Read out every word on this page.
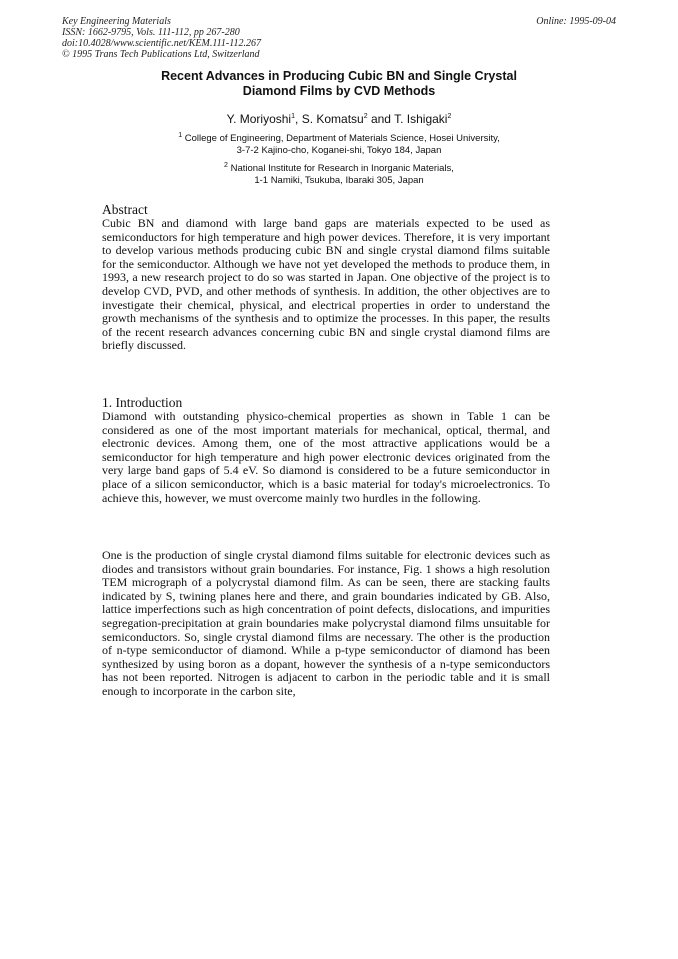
Key Engineering Materials
ISSN: 1662-9795, Vols. 111-112, pp 267-280
doi:10.4028/www.scientific.net/KEM.111-112.267
© 1995 Trans Tech Publications Ltd, Switzerland
Online: 1995-09-04
Recent Advances in Producing Cubic BN and Single Crystal
Diamond Films by CVD Methods
Y. Moriyoshi$^1$, S. Komatsu$^2$ and T. Ishigaki$^2$
$^1$ College of Engineering, Department of Materials Science, Hosei University,
3-7-2 Kajino-cho, Koganei-shi, Tokyo 184, Japan
$^2$ National Institute for Research in Inorganic Materials,
1-1 Namiki, Tsukuba, Ibaraki 305, Japan
Abstract

Cubic BN and diamond with large band gaps are materials expected to be used as semiconductors for high temperature and high power devices. Therefore, it is very important to develop various methods producing cubic BN and single crystal diamond films suitable for the semiconductor. Although we have not yet developed the methods to produce them, in 1993, a new research project to do so was started in Japan. One objective of the project is to develop CVD, PVD, and other methods of synthesis. In addition, the other objectives are to investigate their chemical, physical, and electrical properties in order to understand the growth mechanisms of the synthesis and to optimize the processes. In this paper, the results of the recent research advances concerning cubic BN and single crystal diamond films are briefly discussed.

1. Introduction

Diamond with outstanding physico-chemical properties as shown in Table 1 can be considered as one of the most important materials for mechanical, optical, thermal, and electronic devices. Among them, one of the most attractive applications would be a semiconductor for high temperature and high power electronic devices originated from the very large band gaps of 5.4 eV. So diamond is considered to be a future semiconductor in place of a silicon semiconductor, which is a basic material for today's microelectronics. To achieve this, however, we must overcome mainly two hurdles in the following.

One is the production of single crystal diamond films suitable for electronic devices such as diodes and transistors without grain boundaries. For instance, Fig. 1 shows a high resolution TEM micrograph of a polycrystal diamond film. As can be seen, there are stacking faults indicated by S, twining planes here and there, and grain boundaries indicated by GB. Also, lattice imperfections such as high concentration of point defects, dislocations, and impurities segregation-precipitation at grain boundaries make polycrystal diamond films unsuitable for semiconductors. So, single crystal diamond films are necessary. The other is the production of n-type semiconductor of diamond. While a p-type semiconductor of diamond has been synthesized by using boron as a dopant, however the synthesis of a n-type semiconductors has not been reported. Nitrogen is adjacent to carbon in the periodic table and it is small enough to incorporate in the carbon site,
